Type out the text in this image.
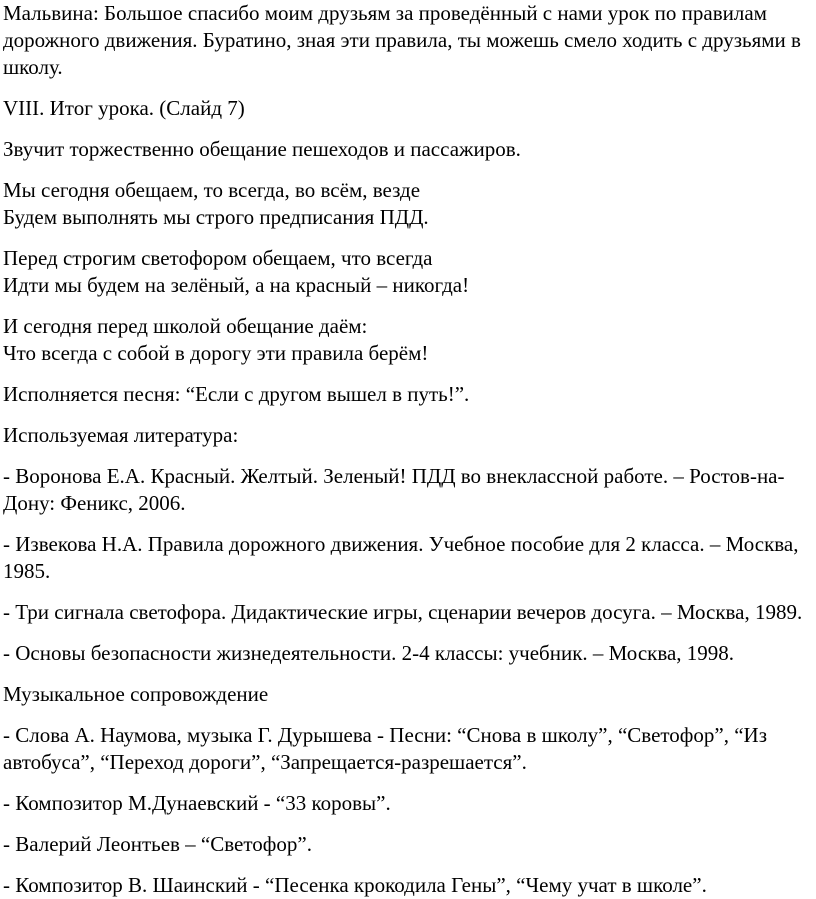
Мальвина: Большое спасибо моим друзьям за проведённый с нами урок по правилам дорожного движения. Буратино, зная эти правила, ты можешь смело ходить с друзьями в школу.

VIII. Итог урока. (Слайд 7)

Звучит торжественно обещание пешеходов и пассажиров.

Мы сегодня обещаем, то всегда, во всём, везде
Будем выполнять мы строго предписания ПДД.

Перед строгим светофором обещаем, что всегда
Идти мы будем на зелёный, а на красный – никогда!

И сегодня перед школой обещание даём:
Что всегда с собой в дорогу эти правила берём!

Исполняется песня: “Если с другом вышел в путь!”.

Используемая литература:

- Воронова Е.А. Красный. Желтый. Зеленый! ПДД во внеклассной работе. – Ростов-на-Дону: Феникс, 2006.

- Извекова Н.А. Правила дорожного движения. Учебное пособие для 2 класса. – Москва, 1985.

- Три сигнала светофора. Дидактические игры, сценарии вечеров досуга. – Москва, 1989.

- Основы безопасности жизнедеятельности. 2-4 классы: учебник. – Москва, 1998.

Музыкальное сопровождение

- Слова А. Наумова, музыка Г. Дурышева - Песни: “Снова в школу”, “Светофор”, “Из автобуса”, “Переход дороги”, “Запрещается-разрешается”.

- Композитор М.Дунаевский - “33 коровы”.

- Валерий Леонтьев – “Светофор”.

- Композитор В. Шаинский - “Песенка крокодила Гены”, “Чему учат в школе”.
